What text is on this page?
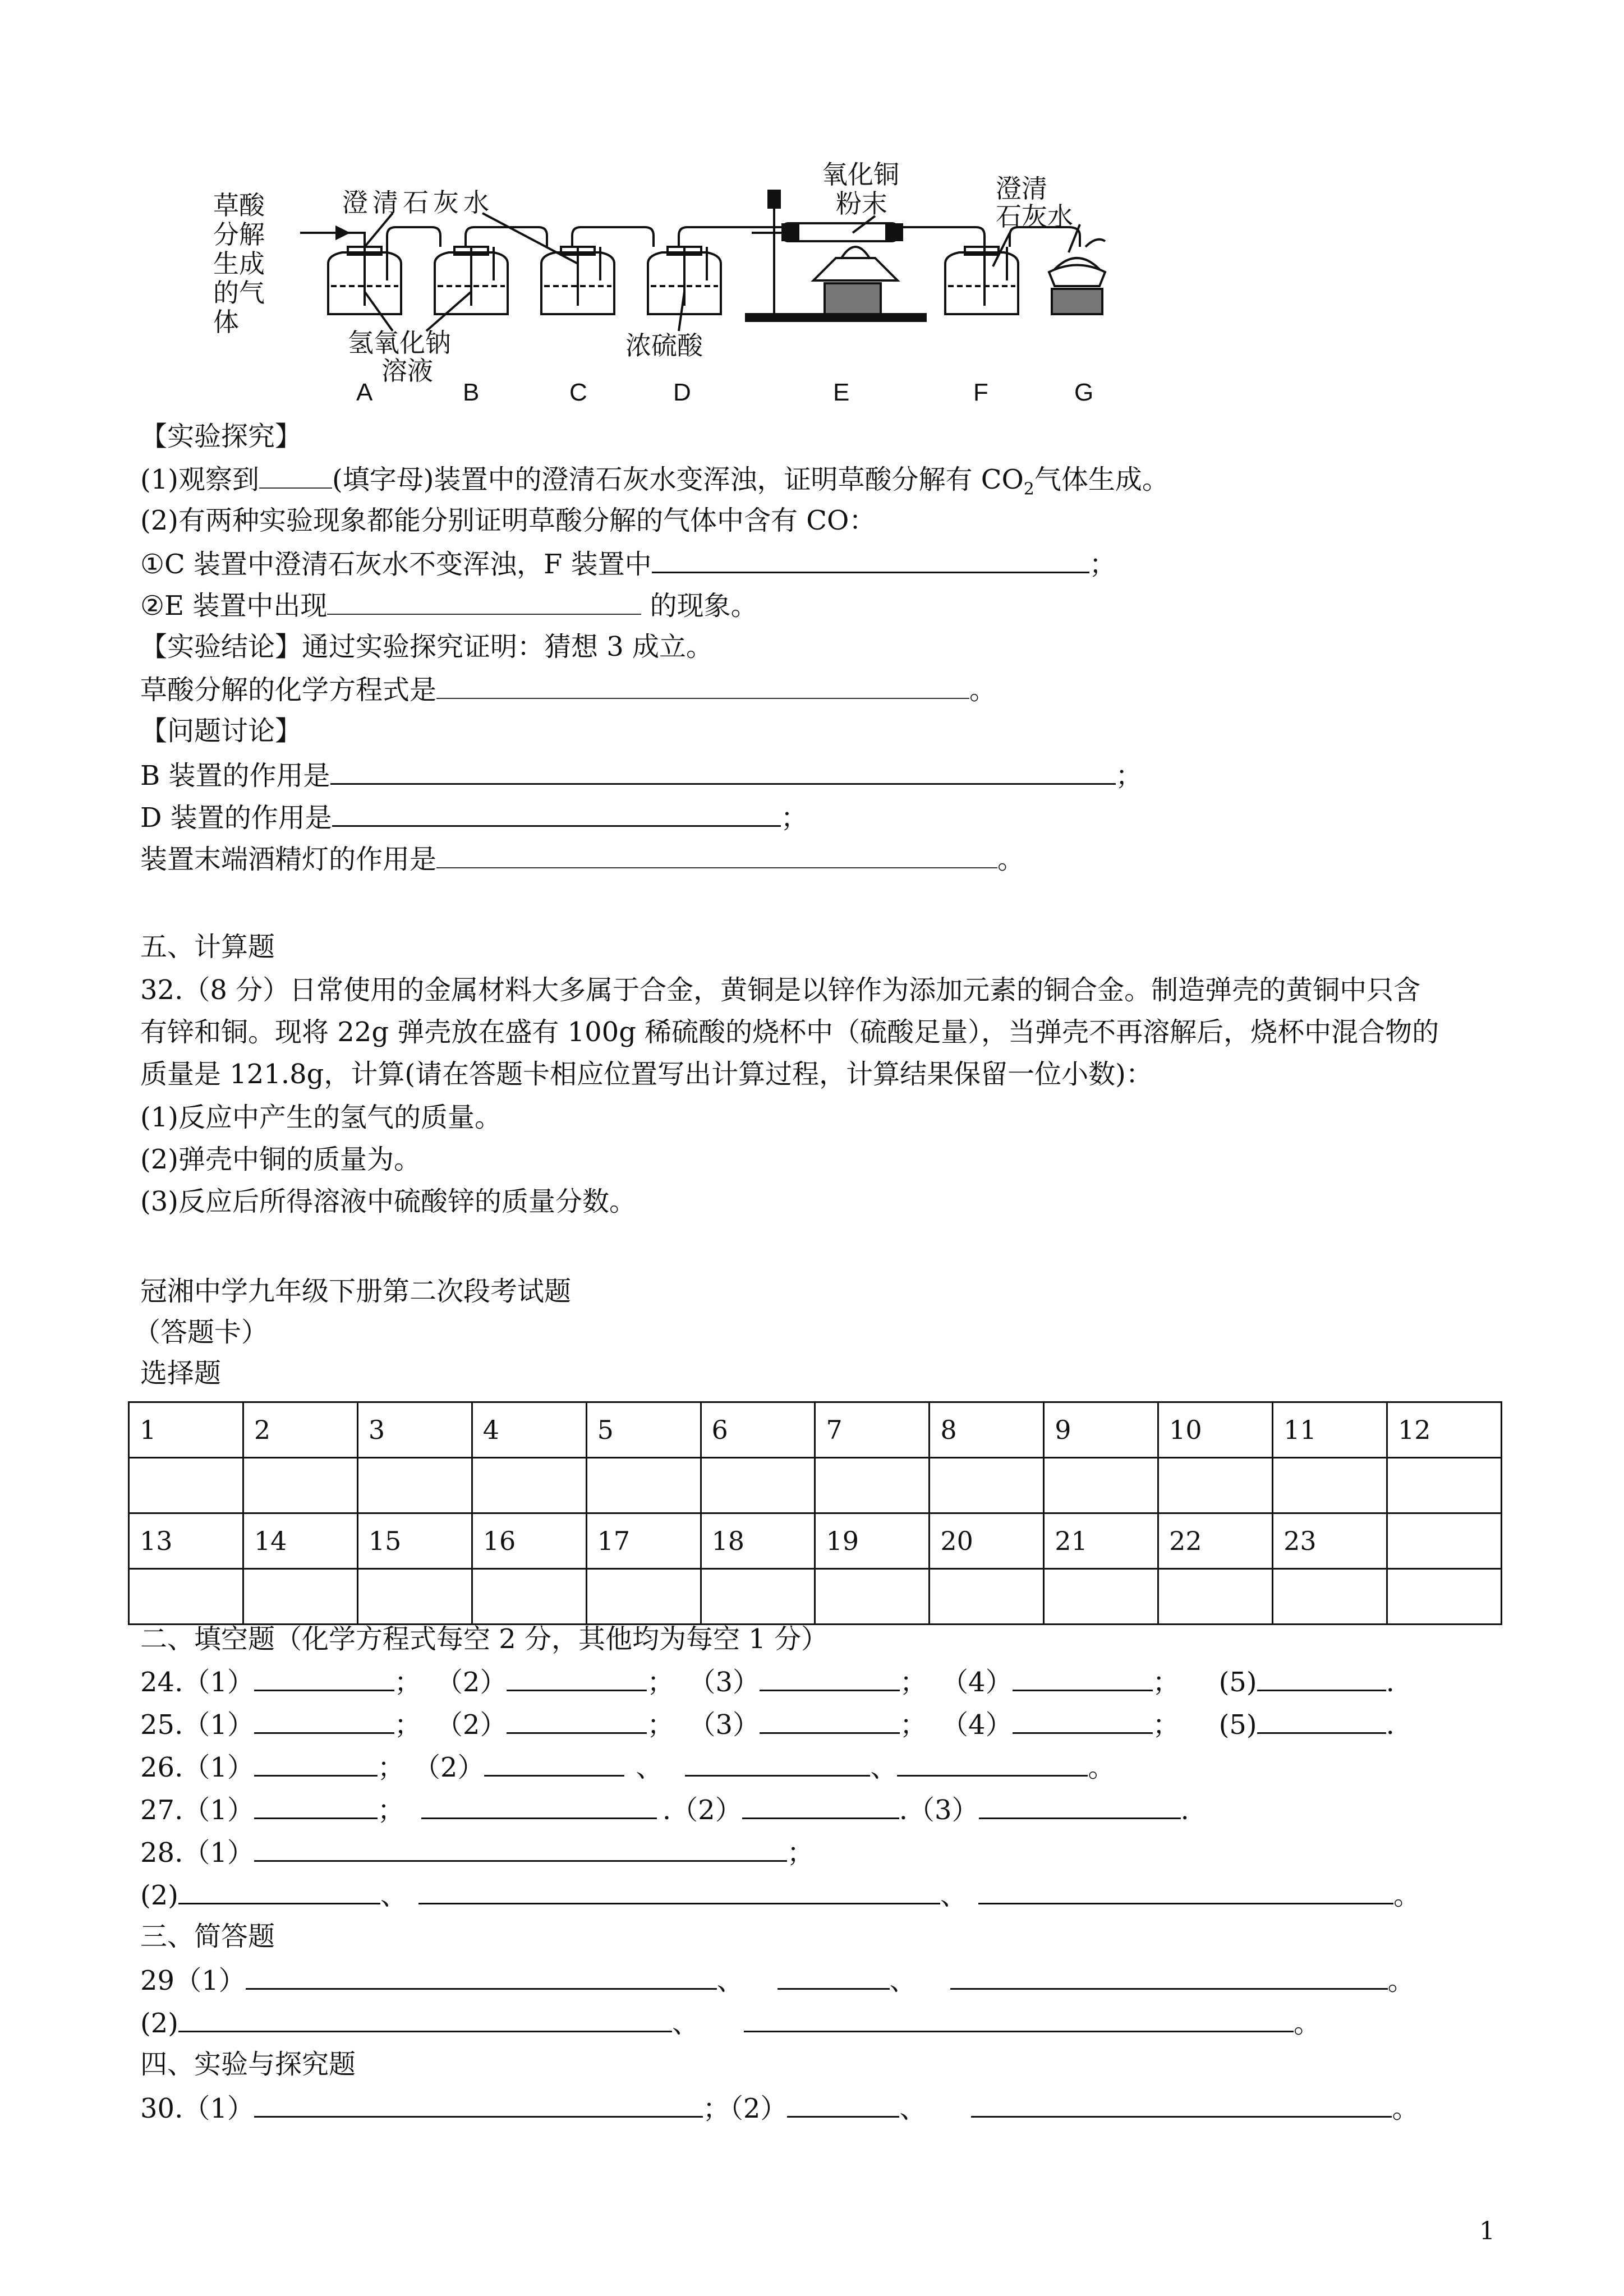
草酸
分解
生成
的气
体
澄清石灰水
氧化铜
粉末	澄清
石灰水
氢氧化钠
溶液
浓硫酸
A	B	C	D	E	F	G
【实验探究】
(1)观察到	(填字母)装置中的澄清石灰水变浑浊，证明草酸分解有 $CO_2$气体生成。
(2)有两种实验现象都能分别证明草酸分解的气体中含有 CO：
①C 装置中澄清石灰水不变浑浊，F 装置中	；
②E 装置中出现	的现象。
【实验结论】通过实验探究证明：猜想 3 成立。
草酸分解的化学方程式是	。
【问题讨论】
B 装置的作用是	；
D 装置的作用是	；
装置末端酒精灯的作用是	。
五、计算题
32.（8 分）日常使用的金属材料大多属于合金，黄铜是以锌作为添加元素的铜合金。制造弹壳的黄铜中只含
有锌和铜。现将 22g 弹壳放在盛有 100g 稀硫酸的烧杯中（硫酸足量），当弹壳不再溶解后，烧杯中混合物的
质量是 121.8g，计算(请在答题卡相应位置写出计算过程，计算结果保留一位小数)：
(1)反应中产生的氢气的质量。
(2)弹壳中铜的质量为。
(3)反应后所得溶液中硫酸锌的质量分数。
冠湘中学九年级下册第二次段考试题
（答题卡）
选择题
1	2	3	4	5	6	7	8	9	10	11	12

13	14	15	16	17	18	19	20	21	22	23	

二、填空题（化学方程式每空 2 分，其他均为每空 1 分）
24.（1）	； （2）	； （3）	； （4）	； (5)	.
25.（1）	； （2）	； （3）	； （4）	； (5)	.
26.（1）	； （2）	、	、	。
27.（1）	；	.（2）	.（3）	.
28.（1）	；
(2)	、	、	。
三、简答题
29（1）	、	、	。
(2)	、	。
四、实验与探究题
30.（1）	；（2）	、	。
1
